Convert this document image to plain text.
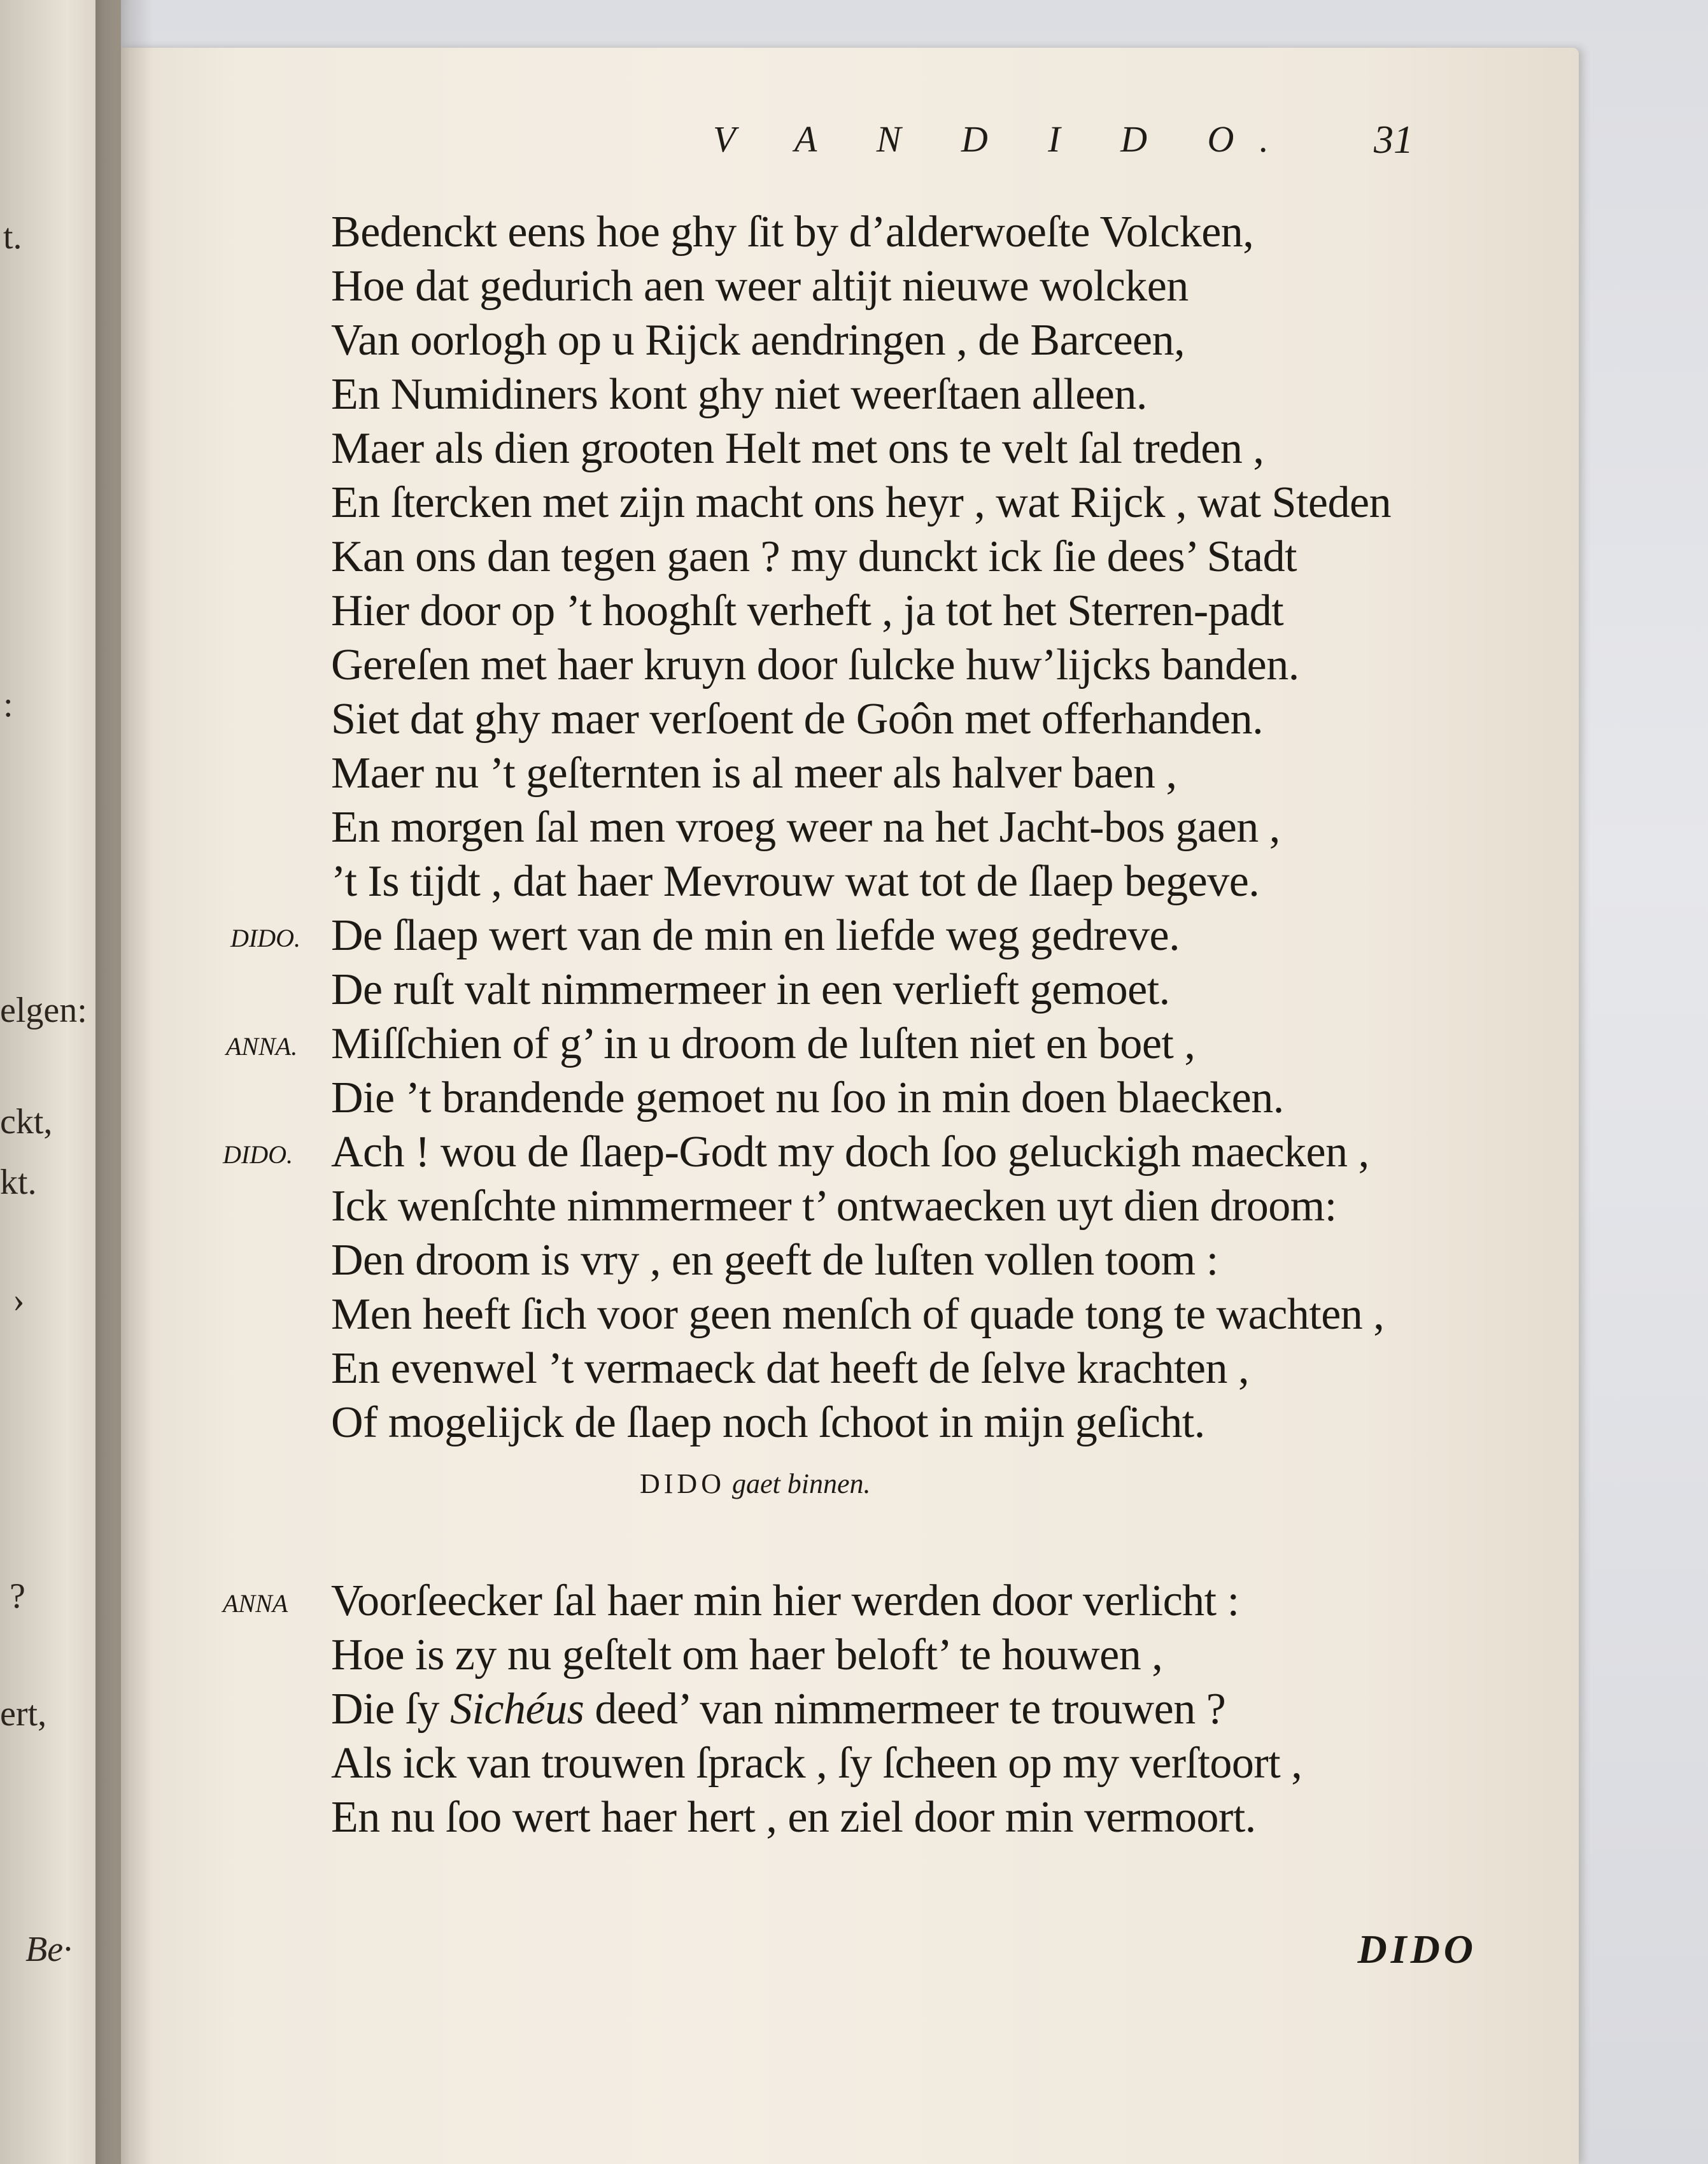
t.
:
elgen:
ckt,
kt.
›
?
ert,
Be·
V A N D I D O. 31
Bedenckt eens hoe ghy ſit by d’alderwoeſte Volcken,
Hoe dat gedurich aen weer altijt nieuwe wolcken
Van oorlogh op u Rijck aendringen , de Barceen,
En Numidiners kont ghy niet weerſtaen alleen.
Maer als dien grooten Helt met ons te velt ſal treden ,
En ſtercken met zijn macht ons heyr , wat Rijck , wat Steden
Kan ons dan tegen gaen ? my dunckt ick ſie dees’ Stadt
Hier door op ’t hooghſt verheft , ja tot het Sterren-padt
Gereſen met haer kruyn door ſulcke huw’lijcks banden.
Siet dat ghy maer verſoent de Goôn met offerhanden.
Maer nu ’t geſternten is al meer als halver baen ,
En morgen ſal men vroeg weer na het Jacht-bos gaen ,
’t Is tijdt , dat haer Mevrouw wat tot de ſlaep begeve.
DIDO. De ſlaep wert van de min en liefde weg gedreve.
De ruſt valt nimmermeer in een verlieft gemoet.
ANNA. Miſſchien of g’ in u droom de luſten niet en boet ,
Die ’t brandende gemoet nu ſoo in min doen blaecken.
DIDO. Ach ! wou de ſlaep-Godt my doch ſoo geluckigh maecken ,
Ick wenſchte nimmermeer t’ ontwaecken uyt dien droom:
Den droom is vry , en geeft de luſten vollen toom :
Men heeft ſich voor geen menſch of quade tong te wachten ,
En evenwel ’t vermaeck dat heeft de ſelve krachten ,
Of mogelijck de ſlaep noch ſchoot in mijn geſicht.
DIDO gaet binnen.
ANNA Voorſeecker ſal haer min hier werden door verlicht :
Hoe is zy nu geſtelt om haer beloft’ te houwen ,
Die ſy Sichéus deed’ van nimmermeer te trouwen ?
Als ick van trouwen ſprack , ſy ſcheen op my verſtoort ,
En nu ſoo wert haer hert , en ziel door min vermoort.
DIDO
